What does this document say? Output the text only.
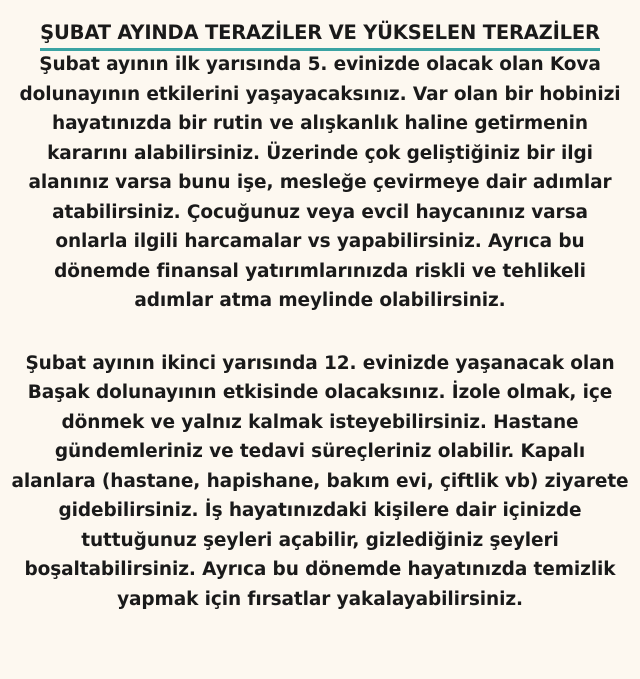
ŞUBAT AYINDA TERAZİLER VE YÜKSELEN TERAZİLER

Şubat ayının ilk yarısında 5. evinizde olacak olan Kova
dolunayının etkilerini yaşayacaksınız. Var olan bir hobinizi
hayatınızda bir rutin ve alışkanlık haline getirmenin
kararını alabilirsiniz. Üzerinde çok geliştiğiniz bir ilgi
alanınız varsa bunu işe, mesleğe çevirmeye dair adımlar
atabilirsiniz. Çocuğunuz veya evcil haycanınız varsa
onlarla ilgili harcamalar vs yapabilirsiniz. Ayrıca bu
dönemde finansal yatırımlarınızda riskli ve tehlikeli
adımlar atma meylinde olabilirsiniz.

Şubat ayının ikinci yarısında 12. evinizde yaşanacak olan
Başak dolunayının etkisinde olacaksınız. İzole olmak, içe
dönmek ve yalnız kalmak isteyebilirsiniz. Hastane
gündemleriniz ve tedavi süreçleriniz olabilir. Kapalı
alanlara (hastane, hapishane, bakım evi, çiftlik vb) ziyarete
gidebilirsiniz. İş hayatınızdaki kişilere dair içinizde
tuttuğunuz şeyleri açabilir, gizlediğiniz şeyleri
boşaltabilirsiniz. Ayrıca bu dönemde hayatınızda temizlik
yapmak için fırsatlar yakalayabilirsiniz.
